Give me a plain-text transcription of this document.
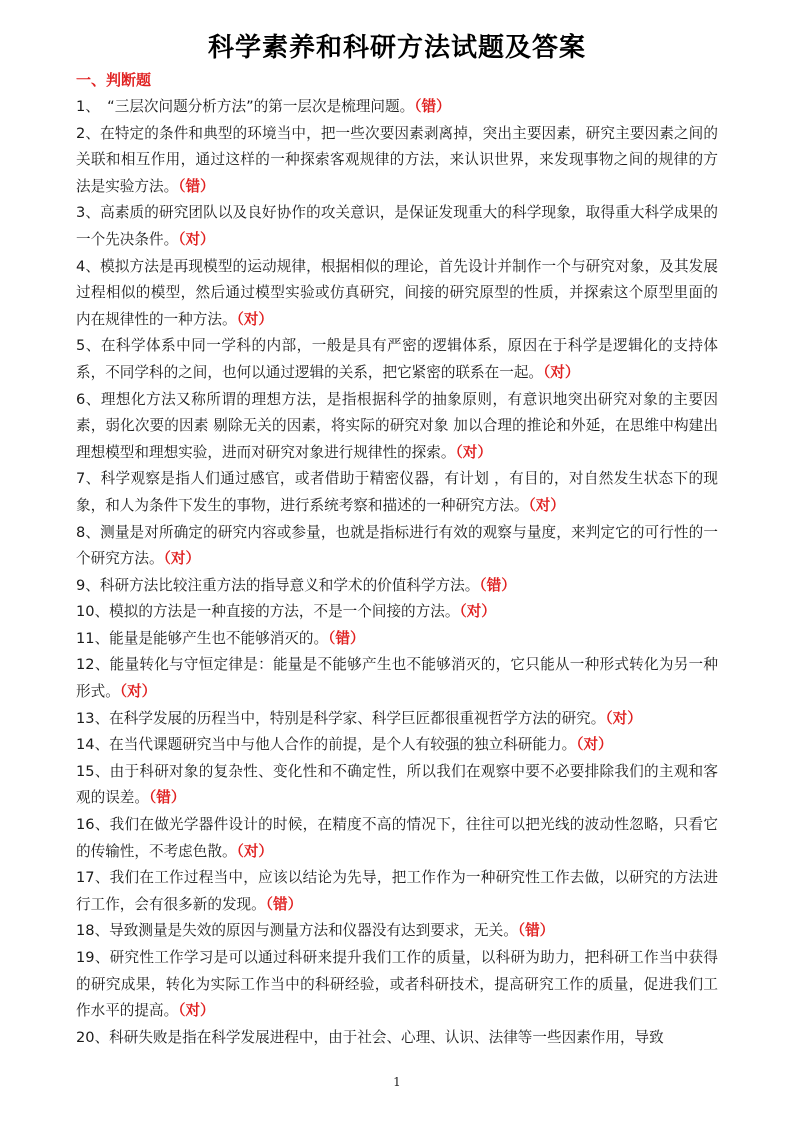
科学素养和科研方法试题及答案
一、判断题

1、　“三层次问题分析方法”的第一层次是梳理问题。（错）

2、在特定的条件和典型的环境当中，把一些次要因素剥离掉，突出主要因素，研究主要因素之间的关联和相互作用，通过这样的一种探索客观规律的方法，来认识世界，来发现事物之间的规律的方法是实验方法。（错）

3、高素质的研究团队以及良好协作的攻关意识，是保证发现重大的科学现象，取得重大科学成果的一个先决条件。（对）

4、模拟方法是再现模型的运动规律，根据相似的理论，首先设计并制作一个与研究对象，及其发展过程相似的模型，然后通过模型实验或仿真研究，间接的研究原型的性质，并探索这个原型里面的内在规律性的一种方法。（对）

5、在科学体系中同一学科的内部，一般是具有严密的逻辑体系，原因在于科学是逻辑化的支持体系，不同学科的之间，也何以通过逻辑的关系，把它紧密的联系在一起。（对）

6、理想化方法又称所谓的理想方法，是指根据科学的抽象原则，有意识地突出研究对象的主要因素，弱化次要的因素 剔除无关的因素，将实际的研究对象 加以合理的推论和外延，在思维中构建出理想模型和理想实验，进而对研究对象进行规律性的探索。（对）

7、科学观察是指人们通过感官，或者借助于精密仪器，有计划 ，有目的，对自然发生状态下的现象，和人为条件下发生的事物，进行系统考察和描述的一种研究方法。（对）

8、测量是对所确定的研究内容或参量，也就是指标进行有效的观察与量度，来判定它的可行性的一个研究方法。（对）

9、科研方法比较注重方法的指导意义和学术的价值科学方法。（错）

10、模拟的方法是一种直接的方法，不是一个间接的方法。（对）

11、能量是能够产生也不能够消灭的。（错）

12、能量转化与守恒定律是：能量是不能够产生也不能够消灭的，它只能从一种形式转化为另一种形式。（对）

13、在科学发展的历程当中，特别是科学家、科学巨匠都很重视哲学方法的研究。（对）

14、在当代课题研究当中与他人合作的前提，是个人有较强的独立科研能力。（对）

15、由于科研对象的复杂性、变化性和不确定性，所以我们在观察中要不必要排除我们的主观和客观的误差。（错）

16、我们在做光学器件设计的时候，在精度不高的情况下，往往可以把光线的波动性忽略，只看它的传输性，不考虑色散。（对）

17、我们在工作过程当中，应该以结论为先导，把工作作为一种研究性工作去做，以研究的方法进行工作，会有很多新的发现。（错）

18、导致测量是失效的原因与测量方法和仪器没有达到要求，无关。（错）

19、研究性工作学习是可以通过科研来提升我们工作的质量，以科研为助力，把科研工作当中获得的研究成果，转化为实际工作当中的科研经验，或者科研技术，提高研究工作的质量，促进我们工作水平的提高。（对）

20、科研失败是指在科学发展进程中，由于社会、心理、认识、法律等一些因素作用，导致

1
